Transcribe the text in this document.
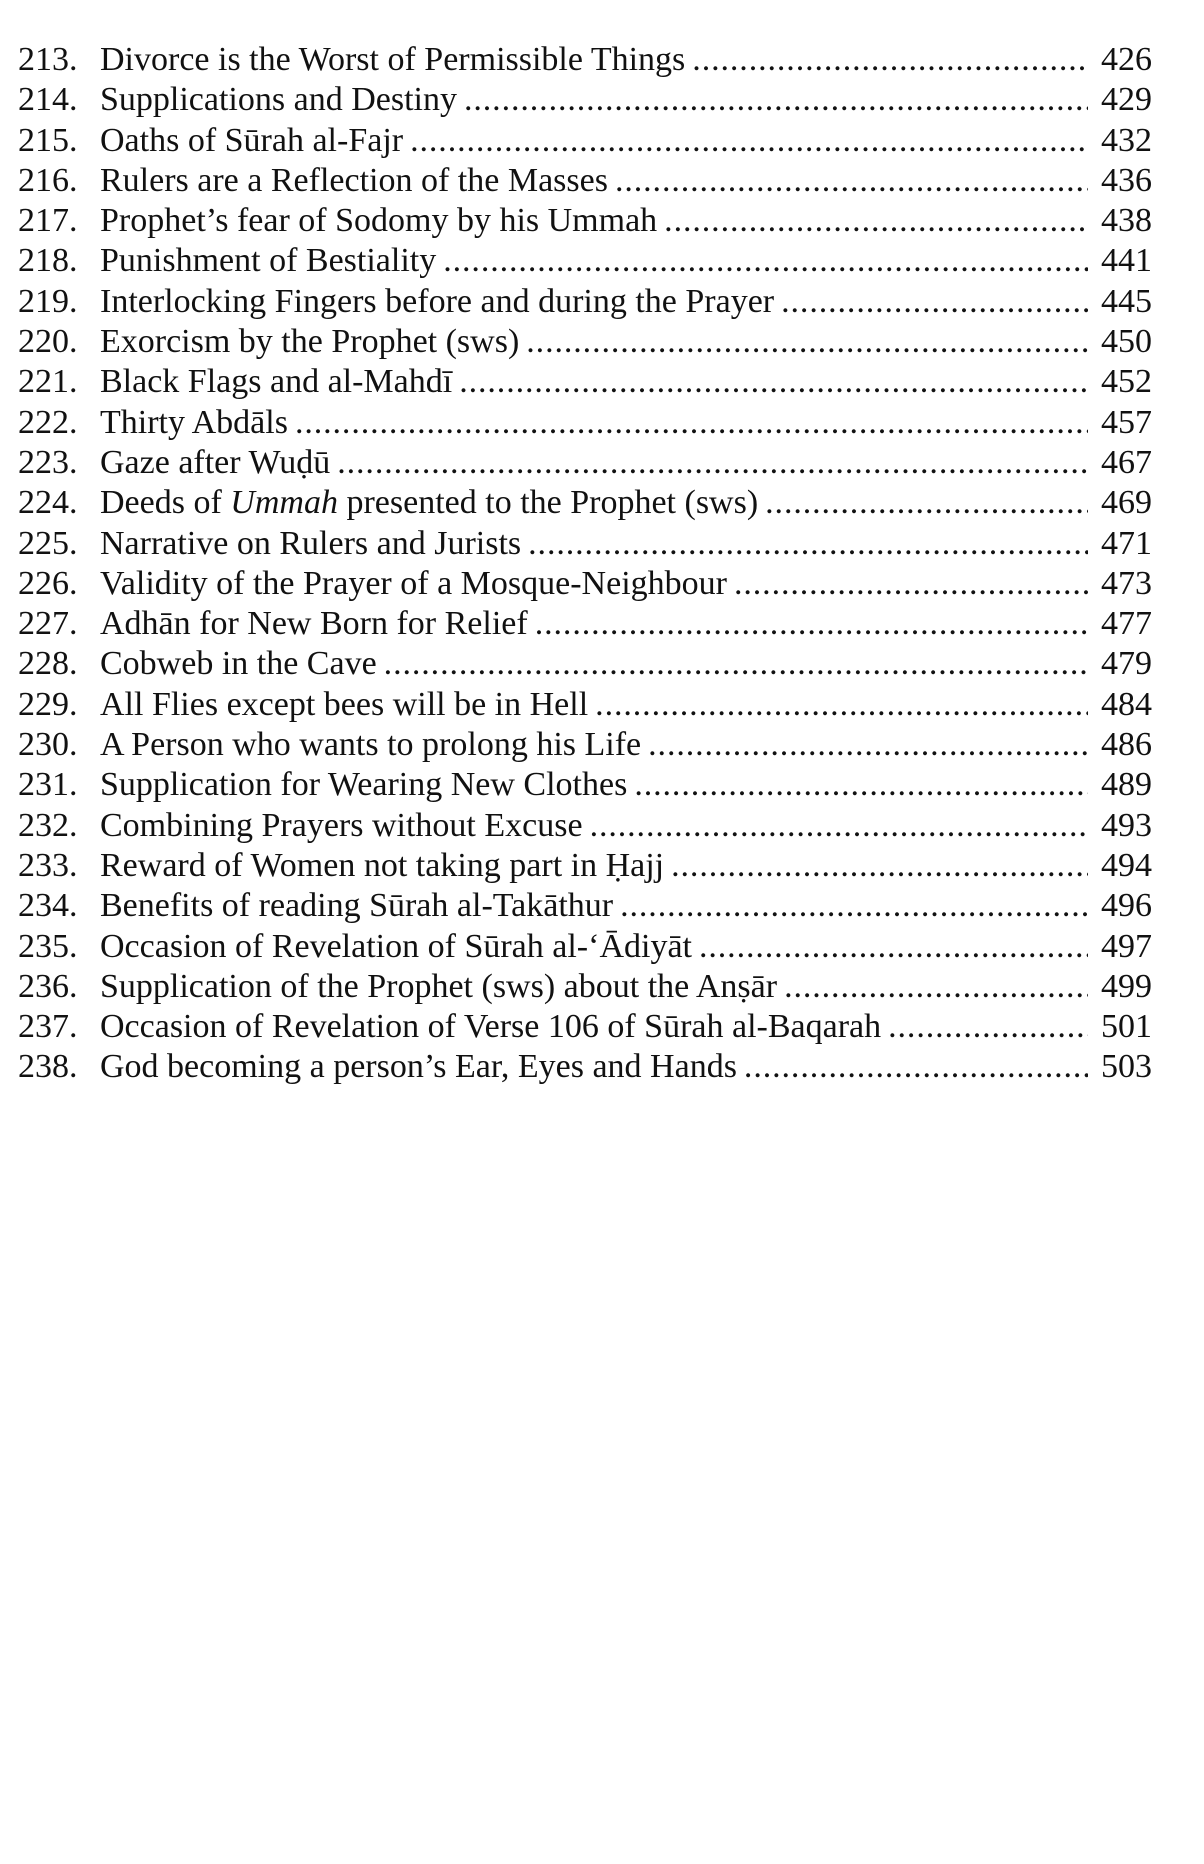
213. Divorce is the Worst of Permissible Things .....	426
214. Supplications and Destiny .....	429
215. Oaths of Sūrah al-Fajr .....	432
216. Rulers are a Reflection of the Masses .....	436
217. Prophet’s fear of Sodomy by his Ummah .....	438
218. Punishment of Bestiality .....	441
219. Interlocking Fingers before and during the Prayer .....	445
220. Exorcism by the Prophet (sws) .....	450
221. Black Flags and al-Mahdī .....	452
222. Thirty Abdāls .....	457
223. Gaze after Wuḍū .....	467
224. Deeds of Ummah presented to the Prophet (sws) .....	469
225. Narrative on Rulers and Jurists .....	471
226. Validity of the Prayer of a Mosque-Neighbour .....	473
227. Adhān for New Born for Relief .....	477
228. Cobweb in the Cave .....	479
229. All Flies except bees will be in Hell .....	484
230. A Person who wants to prolong his Life .....	486
231. Supplication for Wearing New Clothes .....	489
232. Combining Prayers without Excuse .....	493
233. Reward of Women not taking part in Ḥajj .....	494
234. Benefits of reading Sūrah al-Takāthur .....	496
235. Occasion of Revelation of Sūrah al-‘Ādiyāt .....	497
236. Supplication of the Prophet (sws) about the Anṣār .....	499
237. Occasion of Revelation of Verse 106 of Sūrah al-Baqarah .....	501
238. God becoming a person’s Ear, Eyes and Hands .....	503
